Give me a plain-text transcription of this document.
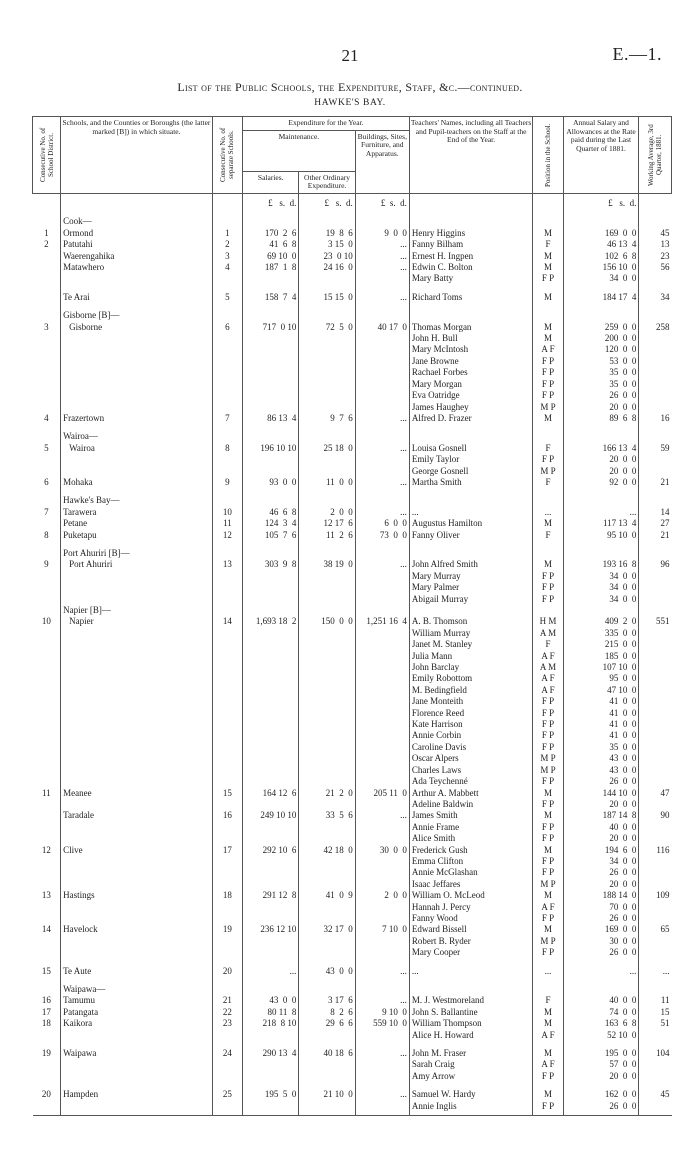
21	E.—1.
List of the Public Schools, the Expenditure, Staff, &c.—continued.
HAWKE'S BAY.
Consecutive No. of School District.	Schools, and the Counties or Boroughs (the latter marked [B]) in which situate.	Consecutive No. of separate Schools.	Expenditure for the Year.			Teachers' Names, including all Teachers and Pupil-teachers on the Staff at the End of the Year.	Position in the School.	Annual Salary and Allowances at the Rate paid during the Last Quarter of 1881.	Working Average, 3rd Quarter, 1881.

			Maintenance.		Buildings, Sites, Furniture, and Apparatus.				
			Salaries.	Other Ordinary Expenditure.					

			£ s. d.	£ s. d.	£ s. d.			£ s. d.	
	Cook—								
1	Ormond	1	170  2  6	19  8  6	9  0  0	Henry Higgins	M	169  0  0	45
2	Patutahi	2	41  6  8	3 15  0	...	Fanny Bilham	F	46 13  4	13
	Waerengahika	3	69 10  0	23  0 10	...	Ernest H. Ingpen	M	102  6  8	23
	Matawhero	4	187  1  8	24 16  0	...	Edwin C. Bolton	M	156 10  0	56
						Mary Batty	F P	34  0  0	
	Te Arai	5	158  7  4	15 15  0	...	Richard Toms	M	184 17  4	34
	Gisborne [B]—								
3	Gisborne	6	717  0 10	72  5  0	40 17  0	Thomas Morgan	M	259  0  0	258
						John H. Bull	M	200  0  0	
						Mary McIntosh	A F	120  0  0	
						Jane Browne	F P	53  0  0	
						Rachael Forbes	F P	35  0  0	
						Mary Morgan	F P	35  0  0	
						Eva Oatridge	F P	26  0  0	
						James Haughey	M P	20  0  0	
4	Frazertown	7	86 13  4	9  7  6	...	Alfred D. Frazer	M	89  6  8	16
	Wairoa—								
5	Wairoa	8	196 10 10	25 18  0	...	Louisa Gosnell	F	166 13  4	59
						Emily Taylor	F P	20  0  0	
						George Gosnell	M P	20  0  0	
6	Mohaka	9	93  0  0	11  0  0	...	Martha Smith	F	92  0  0	21
	Hawke's Bay—								
7	Tarawera	10	46  6  8	2  0  0	...	...	...	...	14
	Petane	11	124  3  4	12 17  6	6  0  0	Augustus Hamilton	M	117 13  4	27
8	Puketapu	12	105  7  6	11  2  6	73  0  0	Fanny Oliver	F	95 10  0	21
	Port Ahuriri [B]—								
9	Port Ahuriri	13	303  9  8	38 19  0	...	John Alfred Smith	M	193 16  8	96
						Mary Murray	F P	34  0  0	
						Mary Palmer	F P	34  0  0	
						Abigail Murray	F P	34  0  0	
	Napier [B]—								
10	Napier	14	1,693 18  2	150  0  0	1,251 16  4	A. B. Thomson	H M	409  2  0	551
						William Murray	A M	335  0  0	
						Janet M. Stanley	F	215  0  0	
						Julia Mann	A F	185  0  0	
						John Barclay	A M	107 10  0	
						Emily Robottom	A F	95  0  0	
						M. Bedingfield	A F	47 10  0	
						Jane Monteith	F P	41  0  0	
						Florence Reed	F P	41  0  0	
						Kate Harrison	F P	41  0  0	
						Annie Corbin	F P	41  0  0	
						Caroline Davis	F P	35  0  0	
						Oscar Alpers	M P	43  0  0	
						Charles Laws	M P	43  0  0	
						Ada Teychenné	F P	26  0  0	
11	Meanee	15	164 12  6	21  2  0	205 11  0	Arthur A. Mabbett	M	144 10  0	47
						Adeline Baldwin	F P	20  0  0	
	Taradale	16	249 10 10	33  5  6	...	James Smith	M	187 14  8	90
						Annie Frame	F P	40  0  0	
						Alice Smith	F P	20  0  0	
12	Clive	17	292 10  6	42 18  0	30  0  0	Frederick Gush	M	194  6  0	116
						Emma Clifton	F P	34  0  0	
						Annie McGlashan	F P	26  0  0	
						Isaac Jeffares	M P	20  0  0	
13	Hastings	18	291 12  8	41  0  9	2  0  0	William O. McLeod	M	188 14  0	109
						Hannah J. Percy	A F	70  0  0	
						Fanny Wood	F P	26  0  0	
14	Havelock	19	236 12 10	32 17  0	7 10  0	Edward Bissell	M	169  0  0	65
						Robert B. Ryder	M P	30  0  0	
						Mary Cooper	F P	26  0  0	
15	Te Aute	20	...	43  0  0	...	...	...	...	...
	Waipawa—								
16	Tamumu	21	43  0  0	3 17  6	...	M. J. Westmoreland	F	40  0  0	11
17	Patangata	22	80 11  8	8  2  6	9 10  0	John S. Ballantine	M	74  0  0	15
18	Kaikora	23	218  8 10	29  6  6	559 10  0	William Thompson	M	163  6  8	51
						Alice H. Howard	A F	52 10  0	
19	Waipawa	24	290 13  4	40 18  6	...	John M. Fraser	M	195  0  0	104
						Sarah Craig	A F	57  0  0	
						Amy Arrow	F P	20  0  0	
20	Hampden	25	195  5  0	21 10  0	...	Samuel W. Hardy	M	162  0  0	45
						Annie Inglis	F P	26  0  0	
